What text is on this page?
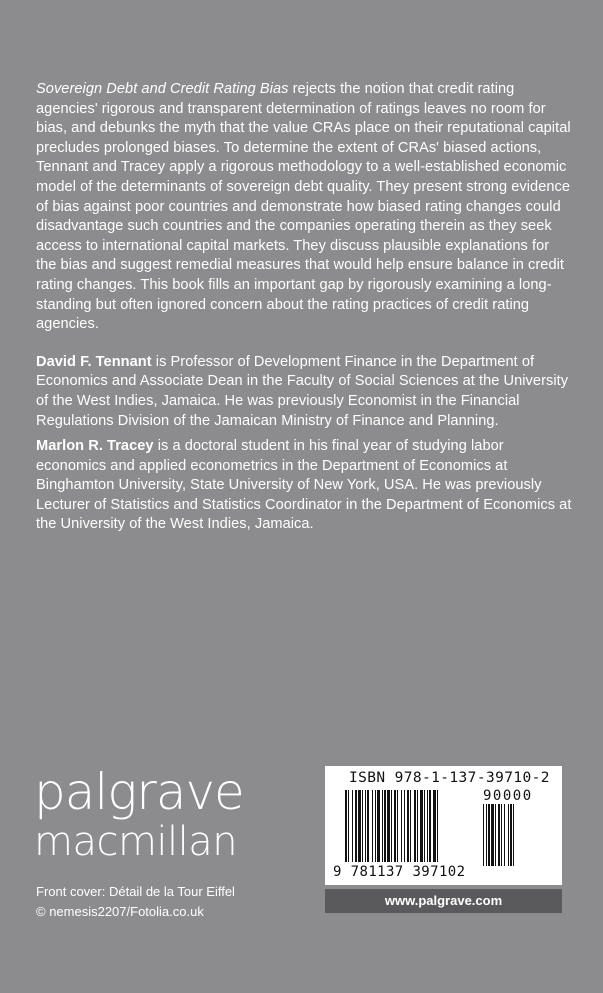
Sovereign Debt and Credit Rating Bias rejects the notion that credit rating agencies' rigorous and transparent determination of ratings leaves no room for bias, and debunks the myth that the value CRAs place on their reputational capital precludes prolonged biases. To determine the extent of CRAs' biased actions, Tennant and Tracey apply a rigorous methodology to a well-established economic model of the determinants of sovereign debt quality. They present strong evidence of bias against poor countries and demonstrate how biased rating changes could disadvantage such countries and the companies operating therein as they seek access to international capital markets. They discuss plausible explanations for the bias and suggest remedial measures that would help ensure balance in credit rating changes. This book fills an important gap by rigorously examining a long-standing but often ignored concern about the rating practices of credit rating agencies.

David F. Tennant is Professor of Development Finance in the Department of Economics and Associate Dean in the Faculty of Social Sciences at the University of the West Indies, Jamaica. He was previously Economist in the Financial Regulations Division of the Jamaican Ministry of Finance and Planning.

Marlon R. Tracey is a doctoral student in his final year of studying labor economics and applied econometrics in the Department of Economics at Binghamton University, State University of New York, USA. He was previously Lecturer of Statistics and Statistics Coordinator in the Department of Economics at the University of the West Indies, Jamaica.

palgrave
macmillan
Front cover: Détail de la Tour Eiffel
© nemesis2207/Fotolia.co.uk
ISBN 978-1-137-39710-2
90000
9 781137 397102
www.palgrave.com
